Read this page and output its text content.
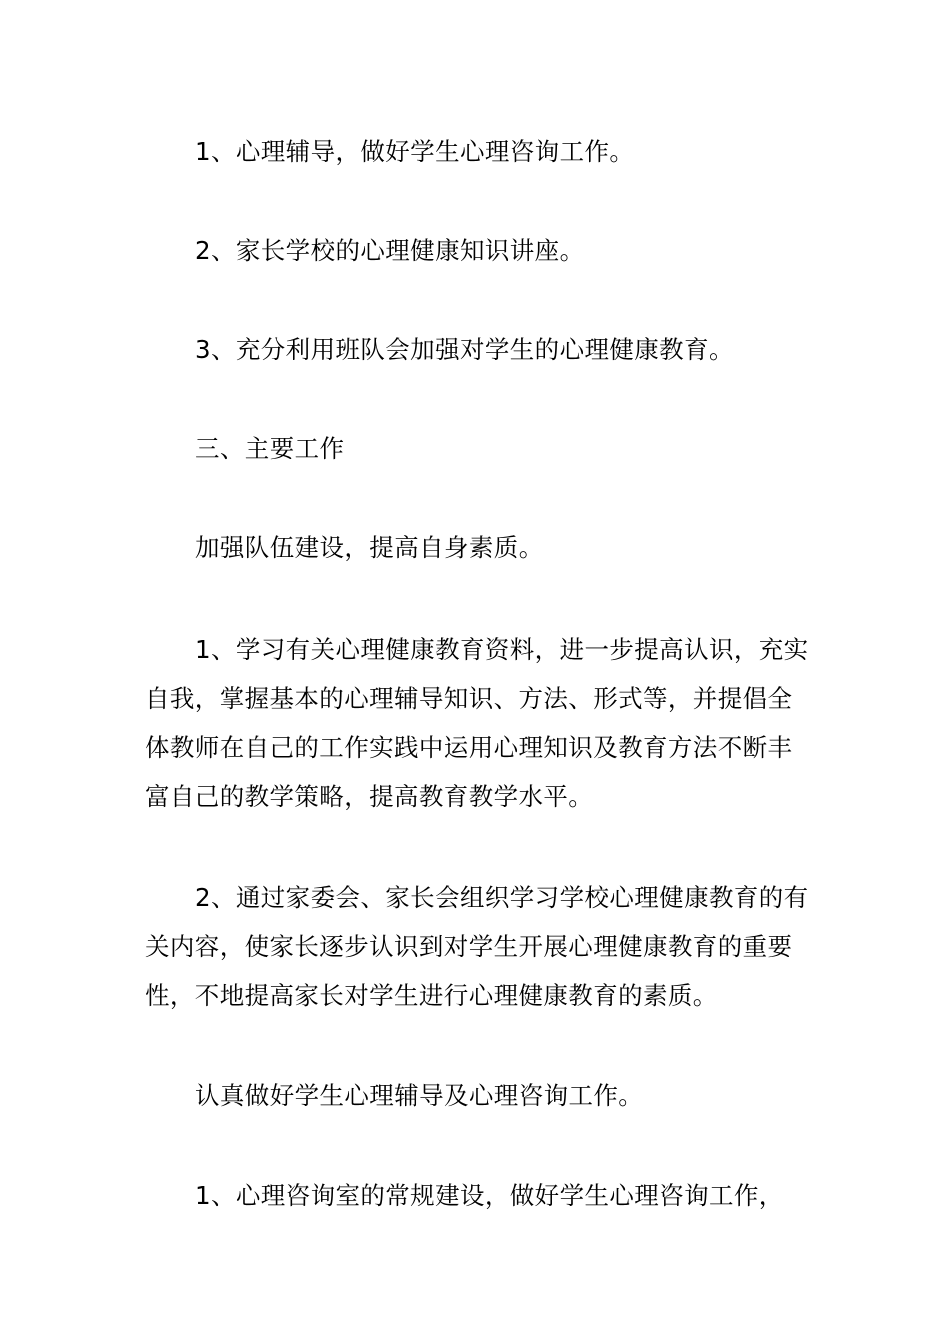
1、心理辅导，做好学生心理咨询工作。

2、家长学校的心理健康知识讲座。

3、充分利用班队会加强对学生的心理健康教育。

三、主要工作

加强队伍建设，提高自身素质。

1、学习有关心理健康教育资料，进一步提高认识，充实自我，掌握基本的心理辅导知识、方法、形式等，并提倡全体教师在自己的工作实践中运用心理知识及教育方法不断丰富自己的教学策略，提高教育教学水平。

2、通过家委会、家长会组织学习学校心理健康教育的有关内容，使家长逐步认识到对学生开展心理健康教育的重要性，不地提高家长对学生进行心理健康教育的素质。

认真做好学生心理辅导及心理咨询工作。

1、心理咨询室的常规建设，做好学生心理咨询工作，
